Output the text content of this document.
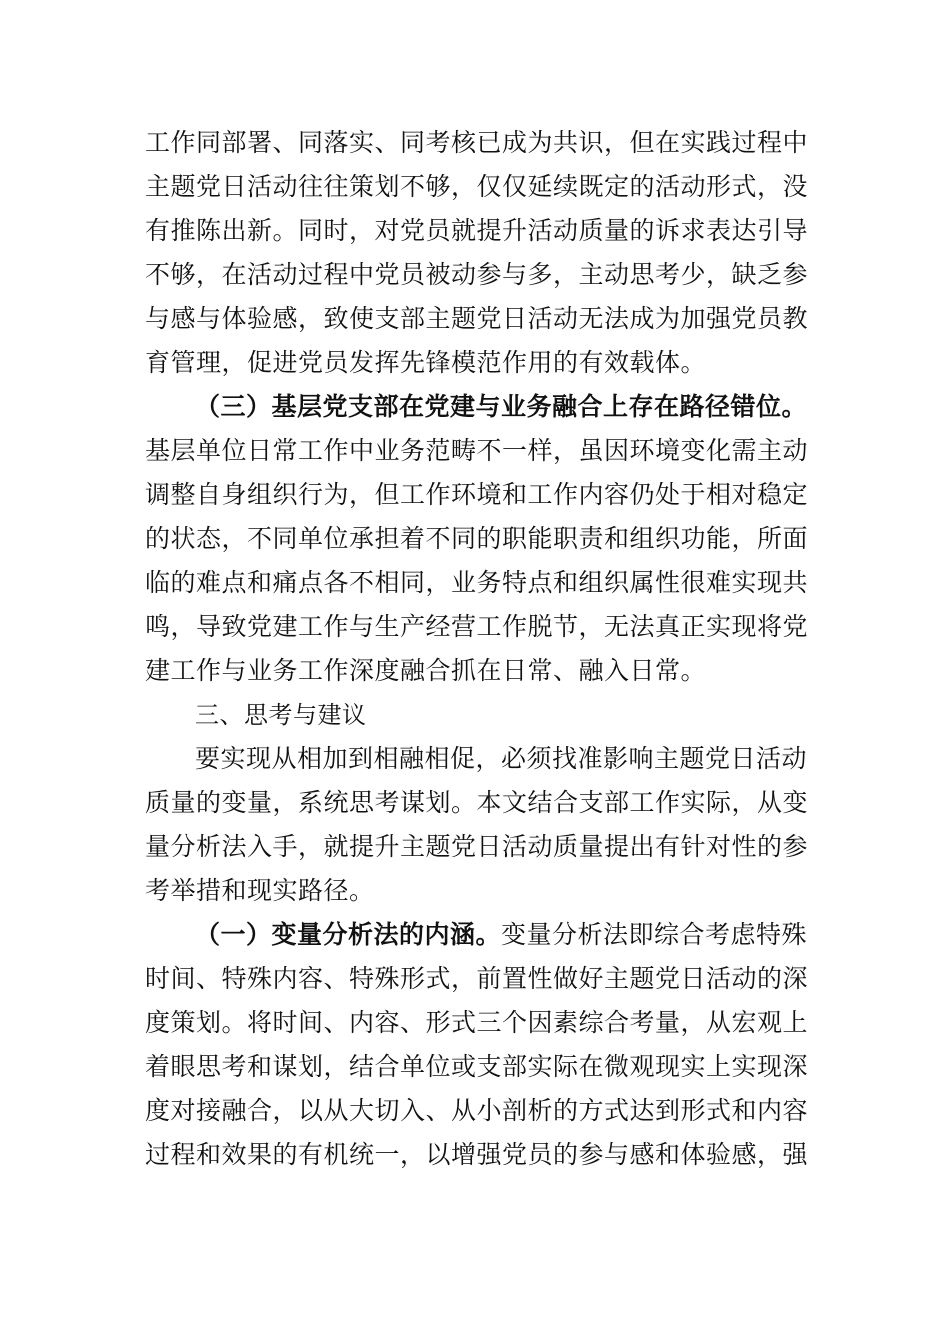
工作同部署、同落实、同考核已成为共识，但在实践过程中
主题党日活动往往策划不够，仅仅延续既定的活动形式，没
有推陈出新。同时，对党员就提升活动质量的诉求表达引导
不够，在活动过程中党员被动参与多，主动思考少，缺乏参
与感与体验感，致使支部主题党日活动无法成为加强党员教
育管理，促进党员发挥先锋模范作用的有效载体。
（三）基层党支部在党建与业务融合上存在路径错位。
基层单位日常工作中业务范畴不一样，虽因环境变化需主动
调整自身组织行为，但工作环境和工作内容仍处于相对稳定
的状态，不同单位承担着不同的职能职责和组织功能，所面
临的难点和痛点各不相同，业务特点和组织属性很难实现共
鸣，导致党建工作与生产经营工作脱节，无法真正实现将党
建工作与业务工作深度融合抓在日常、融入日常。
三、思考与建议
要实现从相加到相融相促，必须找准影响主题党日活动
质量的变量，系统思考谋划。本文结合支部工作实际，从变
量分析法入手，就提升主题党日活动质量提出有针对性的参
考举措和现实路径。
（一）变量分析法的内涵。变量分析法即综合考虑特殊
时间、特殊内容、特殊形式，前置性做好主题党日活动的深
度策划。将时间、内容、形式三个因素综合考量，从宏观上
着眼思考和谋划，结合单位或支部实际在微观现实上实现深
度对接融合，以从大切入、从小剖析的方式达到形式和内容
过程和效果的有机统一，以增强党员的参与感和体验感，强
